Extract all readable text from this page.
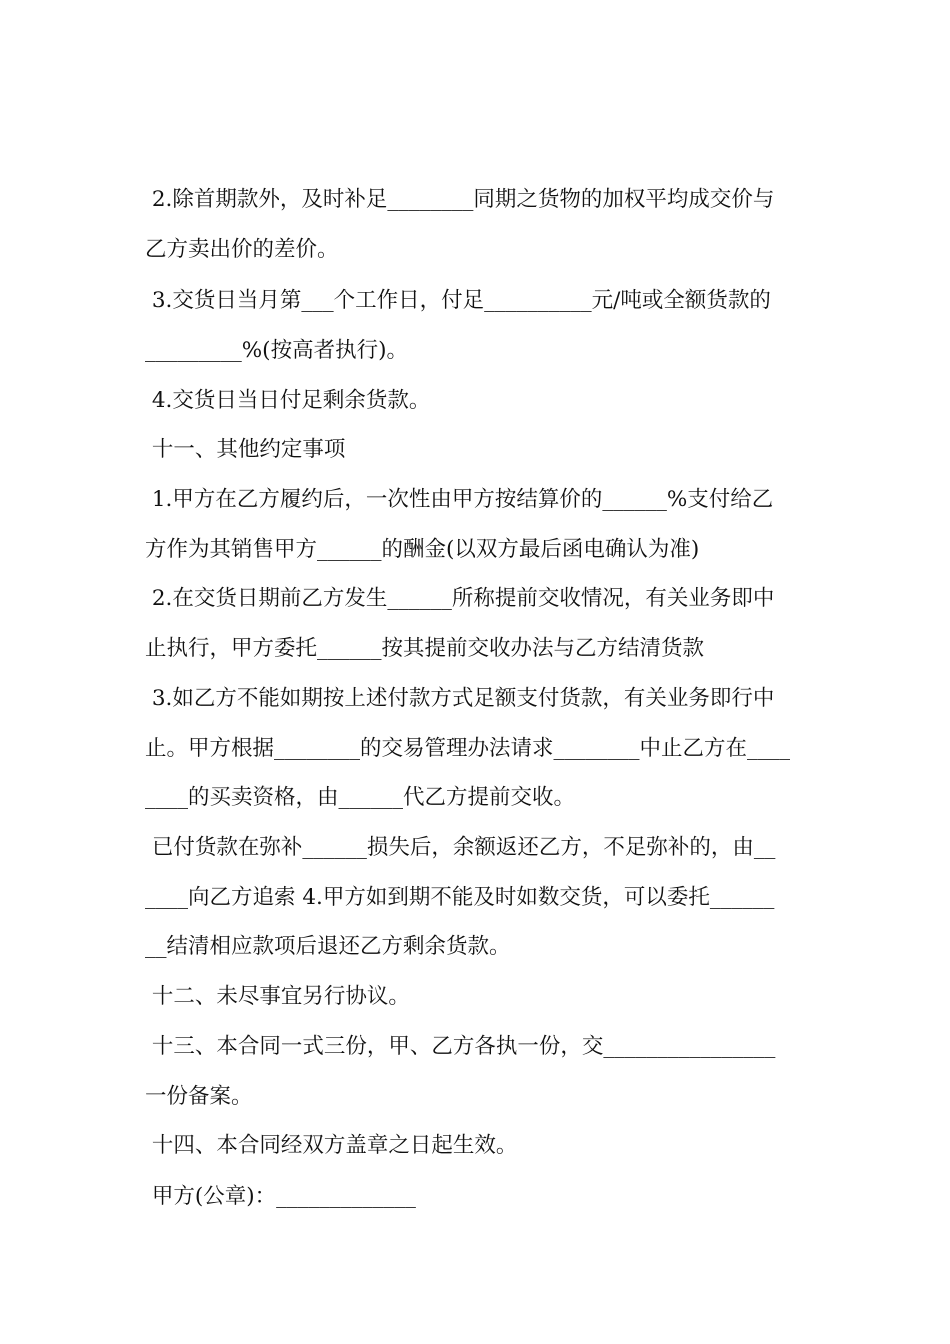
2.除首期款外，及时补足________同期之货物的加权平均成交价与
乙方卖出价的差价。
3.交货日当月第___个工作日，付足__________元/吨或全额货款的
_________%(按高者执行)。
4.交货日当日付足剩余货款。
十一、其他约定事项
1.甲方在乙方履约后，一次性由甲方按结算价的______%支付给乙
方作为其销售甲方______的酬金(以双方最后函电确认为准)
2.在交货日期前乙方发生______所称提前交收情况，有关业务即中
止执行，甲方委托______按其提前交收办法与乙方结清货款
3.如乙方不能如期按上述付款方式足额支付货款，有关业务即行中
止。甲方根据________的交易管理办法请求________中止乙方在____
____的买卖资格，由______代乙方提前交收。
已付货款在弥补______损失后，余额返还乙方，不足弥补的，由__
____向乙方追索 4.甲方如到期不能及时如数交货，可以委托______
__结清相应款项后退还乙方剩余货款。
十二、未尽事宜另行协议。
十三、本合同一式三份，甲、乙方各执一份，交________________
一份备案。
十四、本合同经双方盖章之日起生效。
甲方(公章)：_____________
